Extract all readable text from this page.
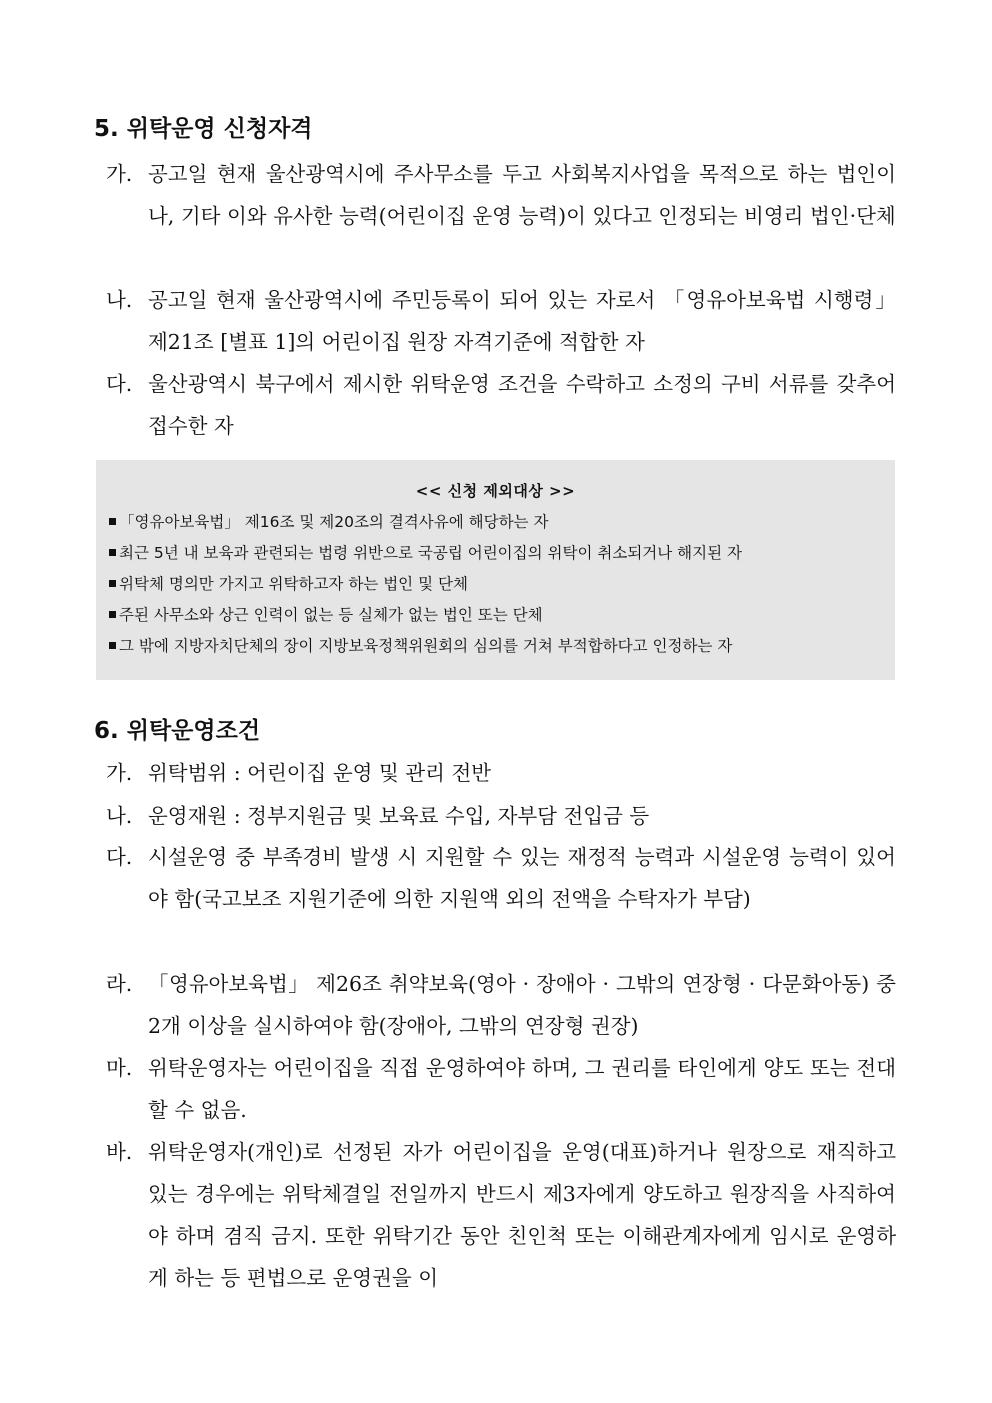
5. 위탁운영 신청자격
가. 공고일 현재 울산광역시에 주사무소를 두고 사회복지사업을 목적으로 하는 법인이나, 기타 이와 유사한 능력(어린이집 운영 능력)이 있다고 인정되는 비영리 법인·단체
나. 공고일 현재 울산광역시에 주민등록이 되어 있는 자로서 「영유아보육법 시행령」 제21조 [별표 1]의 어린이집 원장 자격기준에 적합한 자
다. 울산광역시 북구에서 제시한 위탁운영 조건을 수락하고 소정의 구비 서류를 갖추어 접수한 자
<< 신청 제외대상 >>
「영유아보육법」 제16조 및 제20조의 결격사유에 해당하는 자
최근 5년 내 보육과 관련되는 법령 위반으로 국공립 어린이집의 위탁이 취소되거나 해지된 자
위탁체 명의만 가지고 위탁하고자 하는 법인 및 단체
주된 사무소와 상근 인력이 없는 등 실체가 없는 법인 또는 단체
그 밖에 지방자치단체의 장이 지방보육정책위원회의 심의를 거쳐 부적합하다고 인정하는 자
6. 위탁운영조건
가. 위탁범위 : 어린이집 운영 및 관리 전반
나. 운영재원 : 정부지원금 및 보육료 수입, 자부담 전입금 등
다. 시설운영 중 부족경비 발생 시 지원할 수 있는 재정적 능력과 시설운영 능력이 있어야 함(국고보조 지원기준에 의한 지원액 외의 전액을 수탁자가 부담)
라. 「영유아보육법」 제26조 취약보육(영아 · 장애아 · 그밖의 연장형 · 다문화아동) 중 2개 이상을 실시하여야 함(장애아, 그밖의 연장형 권장)
마. 위탁운영자는 어린이집을 직접 운영하여야 하며, 그 권리를 타인에게 양도 또는 전대할 수 없음.
바. 위탁운영자(개인)로 선정된 자가 어린이집을 운영(대표)하거나 원장으로 재직하고 있는 경우에는 위탁체결일 전일까지 반드시 제3자에게 양도하고 원장직을 사직하여야 하며 겸직 금지. 또한 위탁기간 동안 친인척 또는 이해관계자에게 임시로 운영하게 하는 등 편법으로 운영권을 이
